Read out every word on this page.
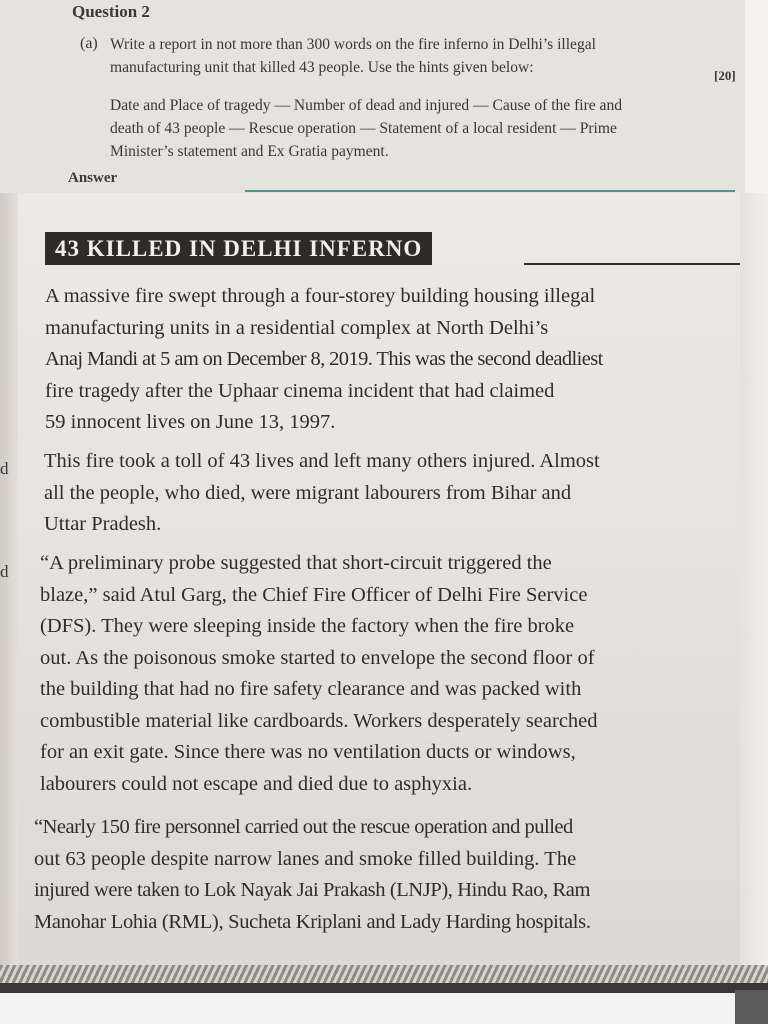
Question 2
(a) Write a report in not more than 300 words on the fire inferno in Delhi’s illegal
manufacturing unit that killed 43 people. Use the hints given below:	[20]
Date and Place of tragedy — Number of dead and injured — Cause of the fire and
death of 43 people — Rescue operation — Statement of a local resident — Prime
Minister’s statement and Ex Gratia payment.
Answer
43 KILLED IN DELHI INFERNO
A massive fire swept through a four-storey building housing illegal
manufacturing units in a residential complex at North Delhi’s
Anaj Mandi at 5 am on December 8, 2019. This was the second deadliest
fire tragedy after the Uphaar cinema incident that had claimed
59 innocent lives on June 13, 1997.
d This fire took a toll of 43 lives and left many others injured. Almost
all the people, who died, were migrant labourers from Bihar and
Uttar Pradesh.
d “A preliminary probe suggested that short-circuit triggered the
blaze,” said Atul Garg, the Chief Fire Officer of Delhi Fire Service
(DFS). They were sleeping inside the factory when the fire broke
out. As the poisonous smoke started to envelope the second floor of
the building that had no fire safety clearance and was packed with
combustible material like cardboards. Workers desperately searched
for an exit gate. Since there was no ventilation ducts or windows,
labourers could not escape and died due to asphyxia.
“Nearly 150 fire personnel carried out the rescue operation and pulled
out 63 people despite narrow lanes and smoke filled building. The
injured were taken to Lok Nayak Jai Prakash (LNJP), Hindu Rao, Ram
Manohar Lohia (RML), Sucheta Kriplani and Lady Harding hospitals.
